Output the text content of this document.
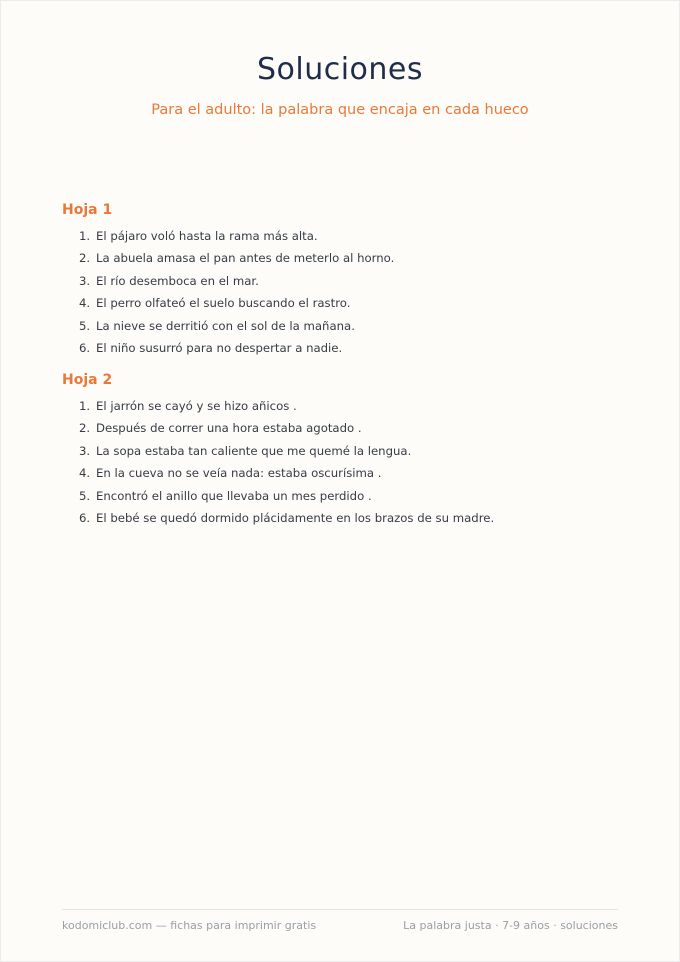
Soluciones
Para el adulto: la palabra que encaja en cada hueco
Hoja 1
1. El pájaro voló hasta la rama más alta.
2. La abuela amasa el pan antes de meterlo al horno.
3. El río desemboca en el mar.
4. El perro olfateó el suelo buscando el rastro.
5. La nieve se derritió con el sol de la mañana.
6. El niño susurró para no despertar a nadie.
Hoja 2
1. El jarrón se cayó y se hizo añicos .
2. Después de correr una hora estaba agotado .
3. La sopa estaba tan caliente que me quemé la lengua.
4. En la cueva no se veía nada: estaba oscurísima .
5. Encontró el anillo que llevaba un mes perdido .
6. El bebé se quedó dormido plácidamente en los brazos de su madre.
kodomiclub.com — fichas para imprimir gratis	La palabra justa · 7-9 años · soluciones
